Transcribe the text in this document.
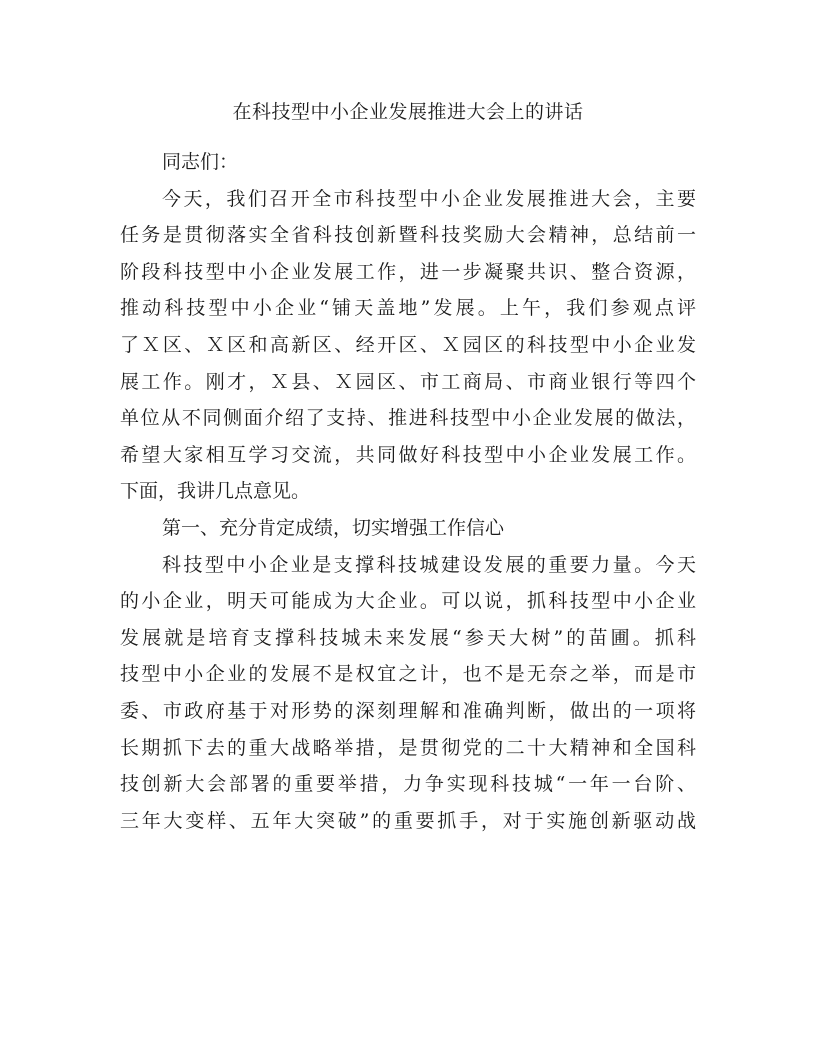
在科技型中小企业发展推进大会上的讲话
同志们：
今天，我们召开全市科技型中小企业发展推进大会，主要
任务是贯彻落实全省科技创新暨科技奖励大会精神，总结前一
阶段科技型中小企业发展工作，进一步凝聚共识、整合资源，
推动科技型中小企业“铺天盖地”发展。上午，我们参观点评
了Ｘ区、Ｘ区和高新区、经开区、Ｘ园区的科技型中小企业发
展工作。刚才，Ｘ县、Ｘ园区、市工商局、市商业银行等四个
单位从不同侧面介绍了支持、推进科技型中小企业发展的做法，
希望大家相互学习交流，共同做好科技型中小企业发展工作。
下面，我讲几点意见。
第一、充分肯定成绩，切实增强工作信心
科技型中小企业是支撑科技城建设发展的重要力量。今天
的小企业，明天可能成为大企业。可以说，抓科技型中小企业
发展就是培育支撑科技城未来发展“参天大树”的苗圃。抓科
技型中小企业的发展不是权宜之计，也不是无奈之举，而是市
委、市政府基于对形势的深刻理解和准确判断，做出的一项将
长期抓下去的重大战略举措，是贯彻党的二十大精神和全国科
技创新大会部署的重要举措，力争实现科技城“一年一台阶、
三年大变样、五年大突破”的重要抓手，对于实施创新驱动战
